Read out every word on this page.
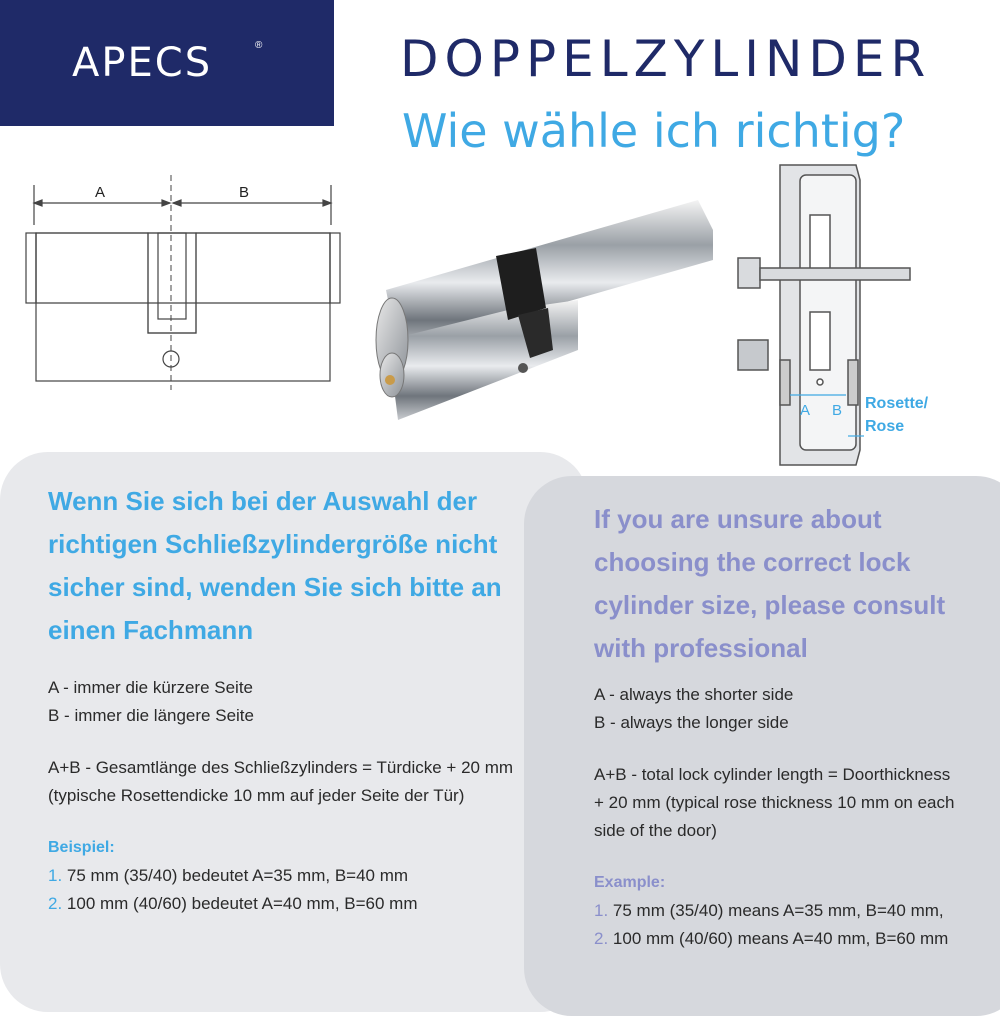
APECS	®	DOPPELZYLINDER
Wie wähle ich richtig?
A	B
A B Rosette/
Rose
Wenn Sie sich bei der Auswahl der richtigen Schließzylindergröße nicht sicher sind, wenden Sie sich bitte an einen Fachmann
A - immer die kürzere Seite
B - immer die längere Seite
A+B - Gesamtlänge des Schließzylinders = Türdicke + 20 mm
(typische Rosettendicke 10 mm auf jeder Seite der Tür)
Beispiel:
1. 75 mm (35/40) bedeutet A=35 mm, B=40 mm
2. 100 mm (40/60) bedeutet A=40 mm, B=60 mm
If you are unsure about choosing the correct lock cylinder size, please consult with professional
A - always the shorter side
B - always the longer side
A+B - total lock cylinder length = Doorthickness
+ 20 mm (typical rose thickness 10 mm on each
side of the door)
Example:
1. 75 mm (35/40) means A=35 mm, B=40 mm,
2. 100 mm (40/60) means A=40 mm, B=60 mm
